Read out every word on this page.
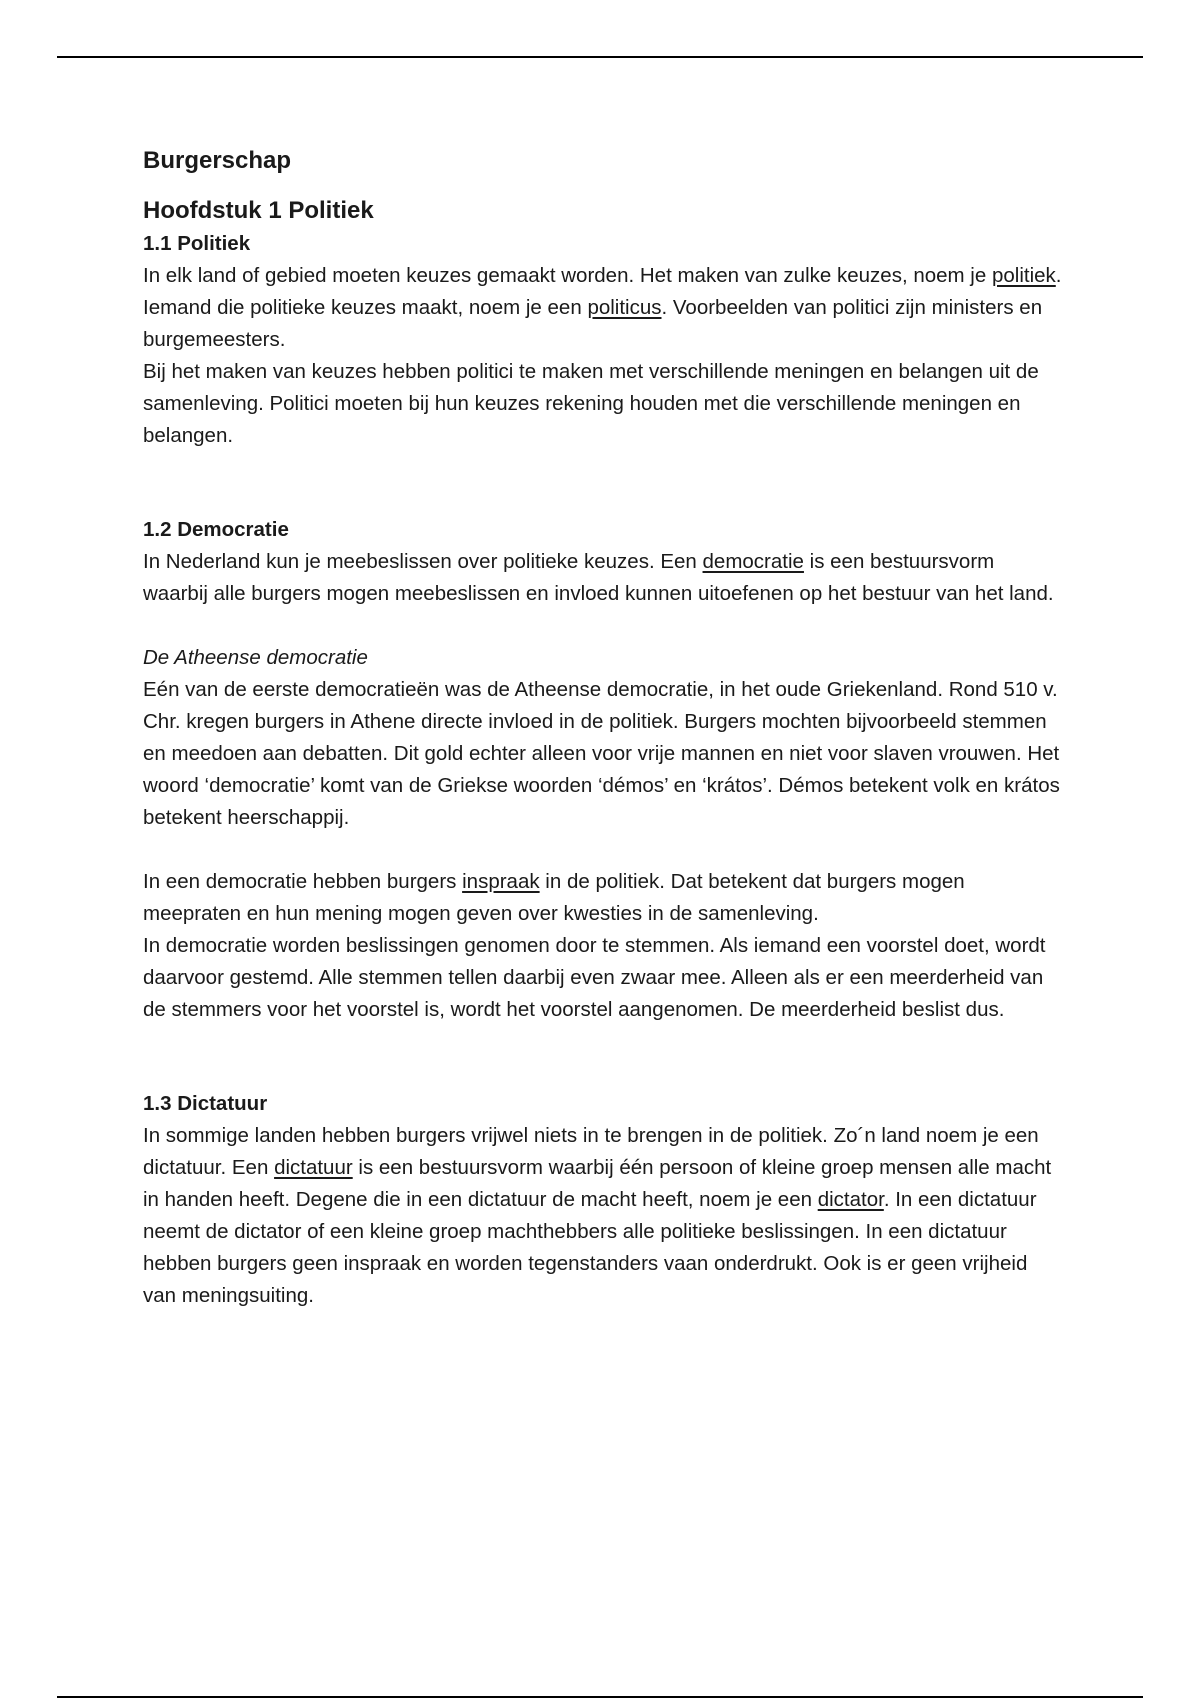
Burgerschap
Hoofdstuk 1 Politiek
1.1 Politiek

In elk land of gebied moeten keuzes gemaakt worden. Het maken van zulke keuzes, noem je politiek. Iemand die politieke keuzes maakt, noem je een politicus. Voorbeelden van politici zijn ministers en burgemeesters.

Bij het maken van keuzes hebben politici te maken met verschillende meningen en belangen uit de samenleving. Politici moeten bij hun keuzes rekening houden met die verschillende meningen en belangen.

1.2 Democratie

In Nederland kun je meebeslissen over politieke keuzes. Een democratie is een bestuursvorm waarbij alle burgers mogen meebeslissen en invloed kunnen uitoefenen op het bestuur van het land.

De Atheense democratie

Eén van de eerste democratieën was de Atheense democratie, in het oude Griekenland. Rond 510 v. Chr. kregen burgers in Athene directe invloed in de politiek. Burgers mochten bijvoorbeeld stemmen en meedoen aan debatten. Dit gold echter alleen voor vrije mannen en niet voor slaven vrouwen. Het woord ‘democratie’ komt van de Griekse woorden ‘démos’ en ‘krátos’. Démos betekent volk en krátos betekent heerschappij.

In een democratie hebben burgers inspraak in de politiek. Dat betekent dat burgers mogen meepraten en hun mening mogen geven over kwesties in de samenleving.

In democratie worden beslissingen genomen door te stemmen. Als iemand een voorstel doet, wordt daarvoor gestemd. Alle stemmen tellen daarbij even zwaar mee. Alleen als er een meerderheid van de stemmers voor het voorstel is, wordt het voorstel aangenomen. De meerderheid beslist dus.

1.3 Dictatuur

In sommige landen hebben burgers vrijwel niets in te brengen in de politiek. Zo´n land noem je een dictatuur. Een dictatuur is een bestuursvorm waarbij één persoon of kleine groep mensen alle macht in handen heeft. Degene die in een dictatuur de macht heeft, noem je een dictator. In een dictatuur neemt de dictator of een kleine groep machthebbers alle politieke beslissingen. In een dictatuur hebben burgers geen inspraak en worden tegenstanders vaan onderdrukt. Ook is er geen vrijheid van meningsuiting.
